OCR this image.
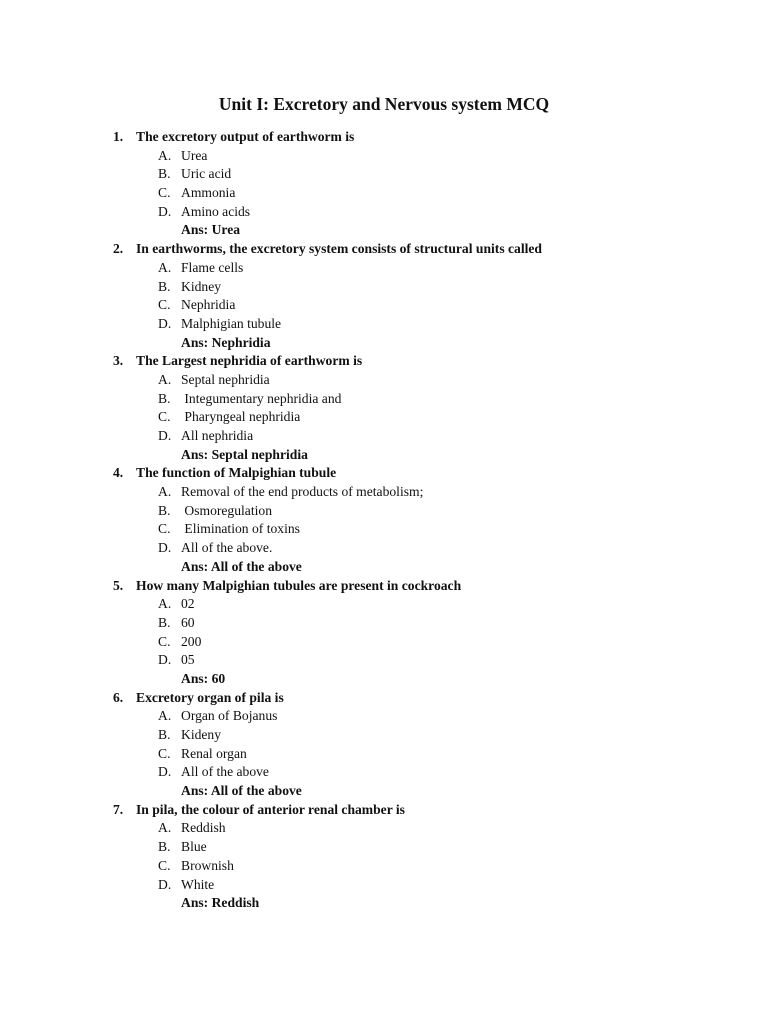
Unit I: Excretory and Nervous system MCQ
1. The excretory output of earthworm is
A. Urea
B. Uric acid
C. Ammonia
D. Amino acids
Ans: Urea
2. In earthworms, the excretory system consists of structural units called
A. Flame cells
B. Kidney
C. Nephridia
D. Malphigian tubule
Ans: Nephridia
3. The Largest nephridia of earthworm is
A. Septal nephridia
B. Integumentary nephridia and
C. Pharyngeal nephridia
D. All nephridia
Ans: Septal nephridia
4. The function of Malpighian tubule
A. Removal of the end products of metabolism;
B. Osmoregulation
C. Elimination of toxins
D. All of the above.
Ans: All of the above
5. How many Malpighian tubules are present in cockroach
A. 02
B. 60
C. 200
D. 05
Ans: 60
6. Excretory organ of pila is
A. Organ of Bojanus
B. Kideny
C. Renal organ
D. All of the above
Ans: All of the above
7. In pila, the colour of anterior renal chamber is
A. Reddish
B. Blue
C. Brownish
D. White
Ans: Reddish
